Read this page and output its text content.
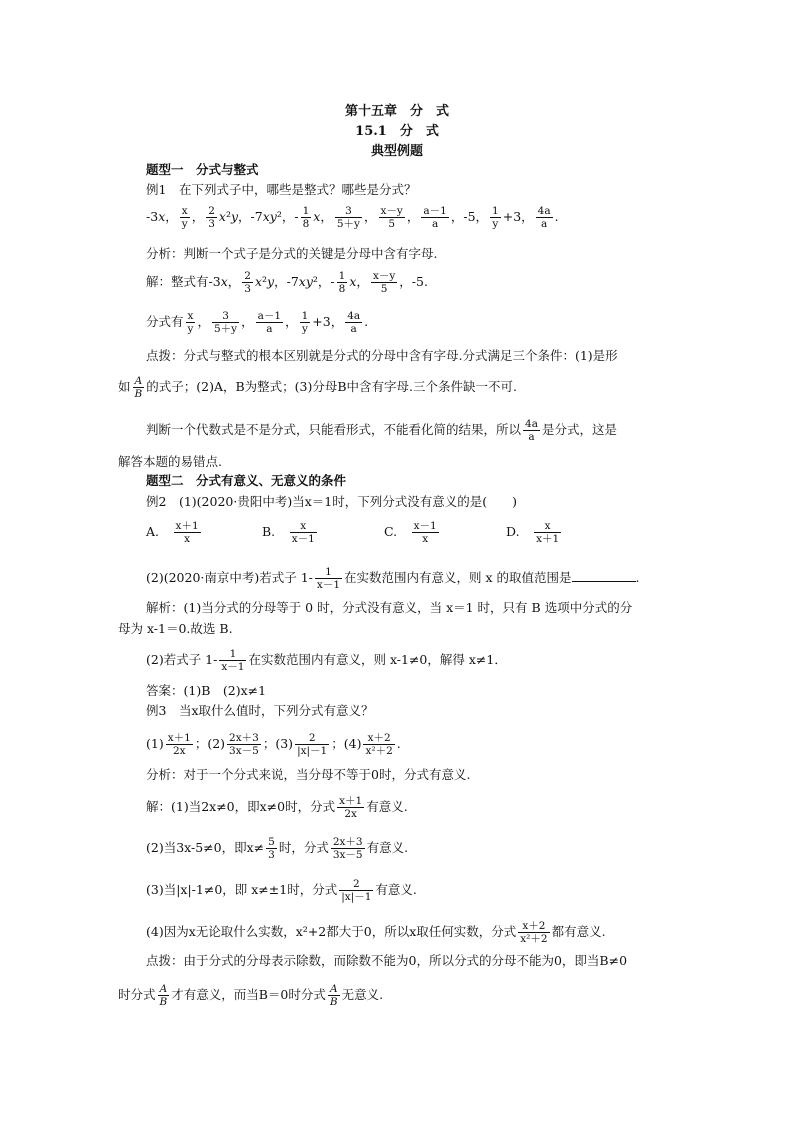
第十五章　分　式
15.1　分　式
典型例题
题型一　分式与整式
例1　在下列式子中，哪些是整式？哪些是分式？
-3x， $\frac{x}{y}$ ， $\frac{2}{3} x^2y$，-7xy²，- $\frac{1}{8}$ x， $\frac{3}{5+y}$ ， $\frac{x-y}{5}$ ， $\frac{a-1}{a}$ ，-5， $\frac{1}{y} +3$， $\frac{4a}{a}$ .
分析：判断一个式子是分式的关键是分母中含有字母.
解：整式有-3x， $\frac{2}{3} x^2y$，-7xy²，- $\frac{1}{8}$ x， $\frac{x-y}{5}$ ，-5.
分式有 $\frac{x}{y}$ ， $\frac{3}{5+y}$ ， $\frac{a-1}{a}$ ， $\frac{1}{y} +3$， $\frac{4a}{a}$ .
点拨：分式与整式的根本区别就是分式的分母中含有字母.分式满足三个条件：(1)是形
如 $\frac{A}{B}$ 的式子；(2)A，B为整式；(3)分母B中含有字母.三个条件缺一不可.
判断一个代数式是不是分式，只能看形式，不能看化简的结果，所以 $\frac{4a}{a}$ 是分式，这是
解答本题的易错点.
题型二　分式有意义、无意义的条件
例2　(1)(2020·贵阳中考)当x＝1时，下列分式没有意义的是(　　)
A.　 $\frac{x+1}{x}$	B.　 $\frac{x}{x-1}$	C.　 $\frac{x-1}{x}$	D.　 $\frac{x}{x+1}$
(2)(2020·南京中考)若式子 $1- \frac{1}{x-1}$ 在实数范围内有意义，则 x 的取值范围是	.
解析：(1)当分式的分母等于 0 时，分式没有意义，当 x＝1 时，只有 B 选项中分式的分
母为 x-1＝0.故选 B.
(2)若式子 $1- \frac{1}{x-1}$ 在实数范围内有意义，则 x-1≠0，解得 x≠1．
答案：(1)B　(2)x≠1
例3　当x取什么值时，下列分式有意义？
$(1) \frac{x+1}{2x}$ ；$(2) \frac{2x+3}{3x-5}$ ；$(3) \frac{2}{|x|-1}$ ；$(4) \frac{x+2}{\text{x²＋2}}$ .
分析：对于一个分式来说，当分母不等于0时，分式有意义.
解：(1)当2x≠0，即x≠0时，分式 $\frac{x+1}{2x}$ 有意义.
(2)当3x-5≠0，即$x\ne \frac{5}{3}$ 时，分式 $\frac{2x+3}{3x-5}$ 有意义.
(3)当|x|-1≠0，即 x≠±1时，分式 $\frac{2}{|x|-1}$ 有意义.
(4)因为x无论取什么实数，x²+2都大于0，所以x取任何实数，分式 $\frac{x+2}{\text{x²＋2}}$ 都有意义.
点拨：由于分式的分母表示除数，而除数不能为0，所以分式的分母不能为0，即当B≠0
时分式 $\frac{A}{B}$ 才有意义，而当B＝0时分式 $\frac{A}{B}$ 无意义.
